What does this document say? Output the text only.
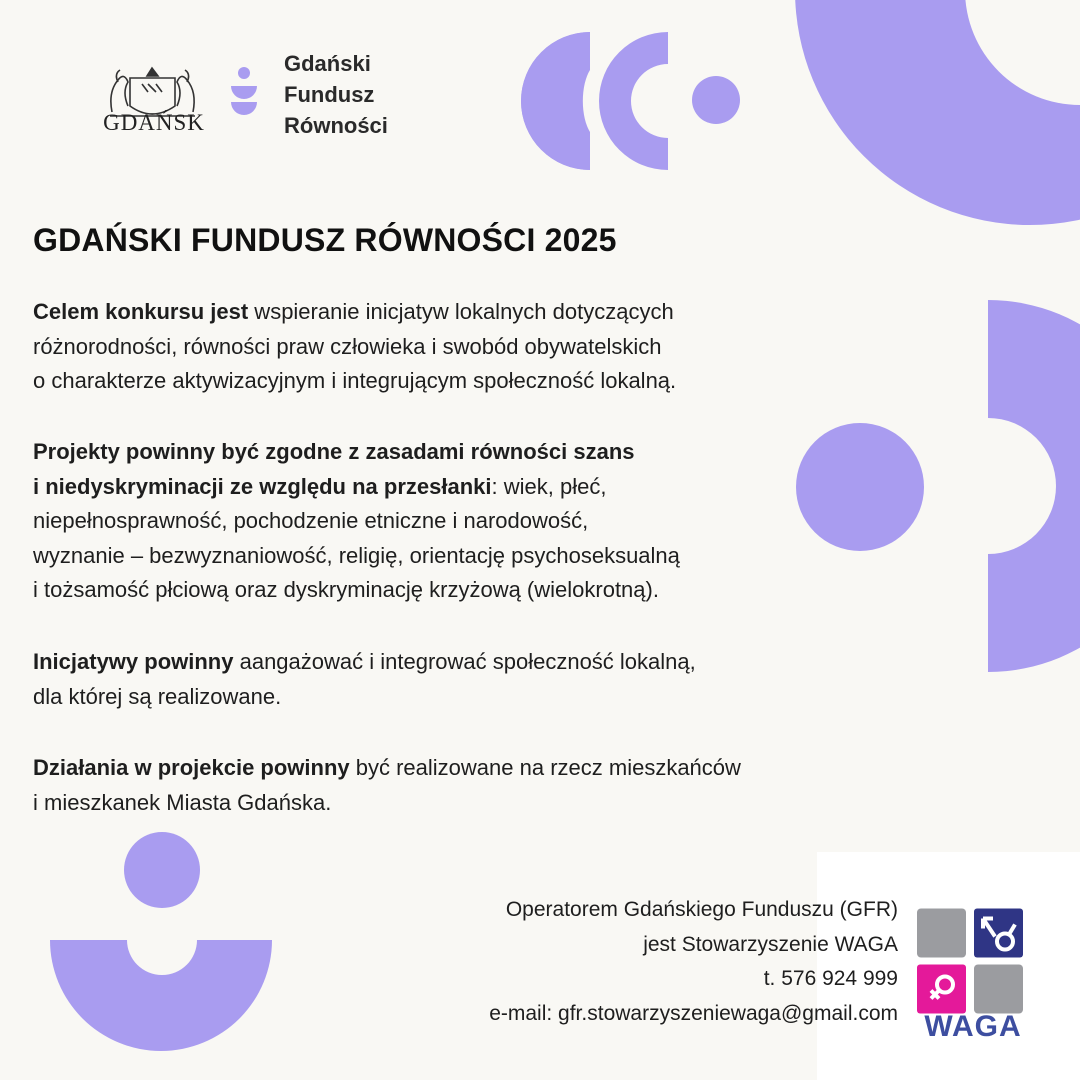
GDAŃSK
Gdański
Fundusz
Równości
GDAŃSKI FUNDUSZ RÓWNOŚCI 2025

Celem konkursu jest wspieranie inicjatyw lokalnych dotyczących
różnorodności, równości praw człowieka i swobód obywatelskich
o charakterze aktywizacyjnym i integrującym społeczność lokalną.

Projekty powinny być zgodne z zasadami równości szans
i niedyskryminacji ze względu na przesłanki: wiek, płeć,
niepełnosprawność, pochodzenie etniczne i narodowość,
wyznanie – bezwyznaniowość, religię, orientację psychoseksualną
i tożsamość płciową oraz dyskryminację krzyżową (wielokrotną).

Inicjatywy powinny aangażować i integrować społeczność lokalną,
dla której są realizowane.

Działania w projekcie powinny być realizowane na rzecz mieszkańców
i mieszkanek Miasta Gdańska.

WAGA
Operatorem Gdańskiego Funduszu (GFR)
jest Stowarzyszenie WAGA
t. 576 924 999
e-mail: gfr.stowarzyszeniewaga@gmail.com
